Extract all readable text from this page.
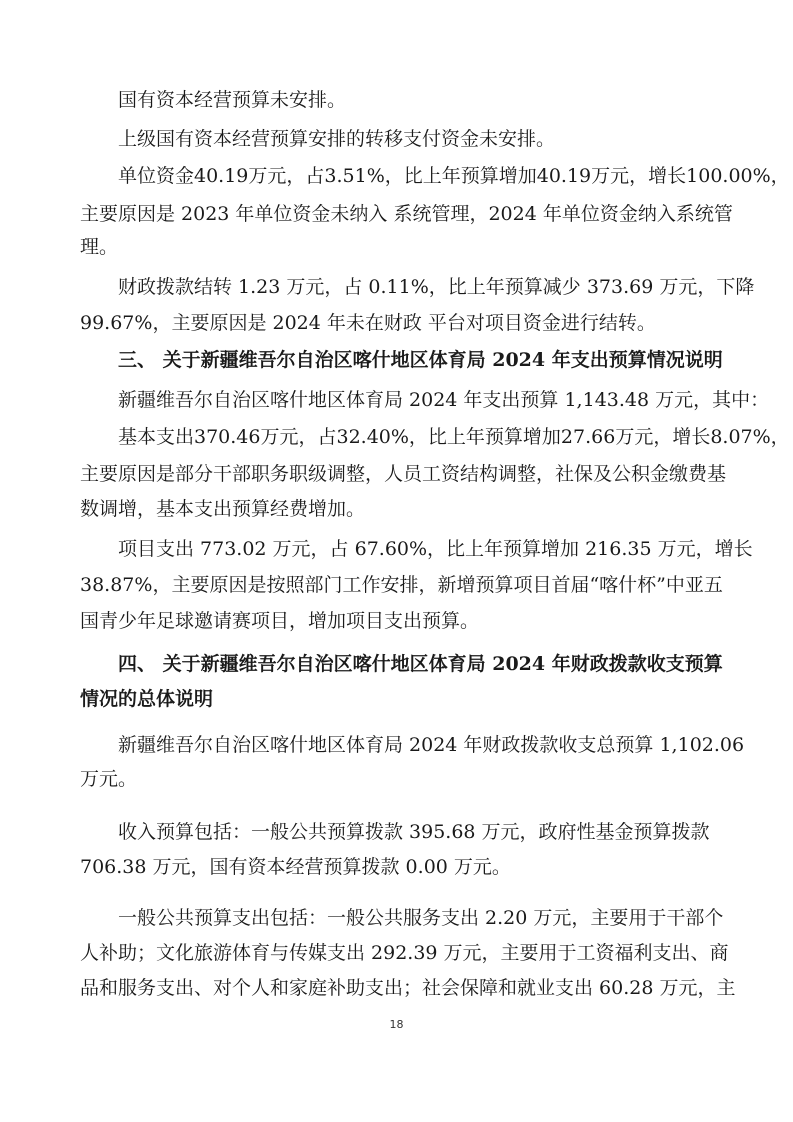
国有资本经营预算未安排。
上级国有资本经营预算安排的转移支付资金未安排。
单位资金40.19万元，占3.51%，比上年预算增加40.19万元，增长100.00%，
主要原因是 2023 年单位资金未纳入 系统管理，2024 年单位资金纳入系统管
理。
财政拨款结转 1.23 万元，占 0.11%，比上年预算减少 373.69 万元，下降
99.67%，主要原因是 2024 年未在财政 平台对项目资金进行结转。
三、 关于新疆维吾尔自治区喀什地区体育局 2024 年支出预算情况说明
新疆维吾尔自治区喀什地区体育局 2024 年支出预算 1,143.48 万元，其中：
基本支出370.46万元，占32.40%，比上年预算增加27.66万元，增长8.07%，
主要原因是部分干部职务职级调整，人员工资结构调整，社保及公积金缴费基
数调增，基本支出预算经费增加。
项目支出 773.02 万元，占 67.60%，比上年预算增加 216.35 万元，增长
38.87%，主要原因是按照部门工作安排，新增预算项目首届“喀什杯”中亚五
国青少年足球邀请赛项目，增加项目支出预算。
四、 关于新疆维吾尔自治区喀什地区体育局 2024 年财政拨款收支预算
情况的总体说明
新疆维吾尔自治区喀什地区体育局 2024 年财政拨款收支总预算 1,102.06
万元。
收入预算包括：一般公共预算拨款 395.68 万元，政府性基金预算拨款
706.38 万元，国有资本经营预算拨款 0.00 万元。
一般公共预算支出包括：一般公共服务支出 2.20 万元，主要用于干部个
人补助；文化旅游体育与传媒支出 292.39 万元，主要用于工资福利支出、商
品和服务支出、对个人和家庭补助支出；社会保障和就业支出 60.28 万元，主
18
